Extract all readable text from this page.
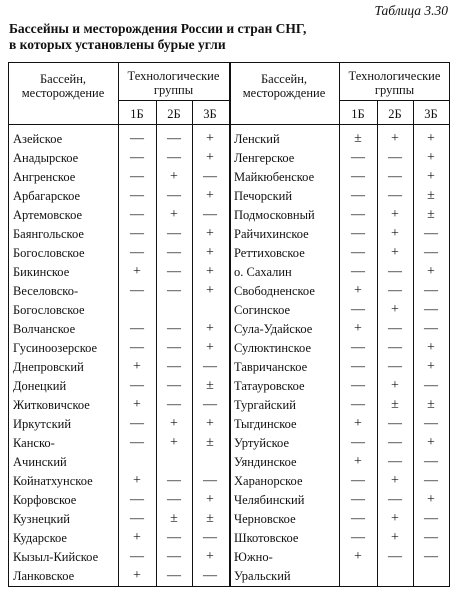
Таблица 3.30
Бассейны и месторождения России и стран СНГ,
в которых установлены бурые угли
Бассейн,
месторождение
Технологические
группы
1Б	2Б	3Б
Азейское	—	—	+
Анадырское	—	—	+
Ангренское	—	+	—
Арбагарское	—	—	+
Артемовское	—	+	—
Баянгольское	—	—	+
Богословское	—	—	+
Бикинское	+	—	+
Веселовско-
Богословское
—	—	+
Волчанское	—	—	+
Гусиноозерское	—	—	+
Днепровский	+	—	—
Донецкий	—	—	±
Житковичское	+	—	—
Иркутский	—	+	+
Канско-
Ачинский
—	+	±
Койнатхунское	+	—	—
Корфовское	—	—	+
Кузнецкий	—	±	±
Кударское	+	—	—
Кызыл-Кийское	—	—	+
Ланковское	+	—	—
Бассейн,
месторождение
Технологические
группы
1Б	2Б	3Б
Ленский	±	+	+
Ленгерское	—	—	+
Майкюбенское	—	—	+
Печорский	—	—	±
Подмосковный	—	+	±
Райчихинское	—	+	—
Реттиховское	—	+	—
о. Сахалин	—	—	+
Свободненское	+	—	—
Согинское	—	+	—
Сула-Удайское	+	—	—
Сулюктинское	—	—	+
Тавричанское	—	—	+
Татауровское	—	+	—
Тургайский	—	±	±
Тыгдинское	+	—	—
Уртуйское	—	—	+
Уяндинское	+	—	—
Харанорское	—	+	—
Челябинский	—	—	+
Черновское	—	+	—
Шкотовское	—	+	—
Южно-
Уральский
+	—	—
